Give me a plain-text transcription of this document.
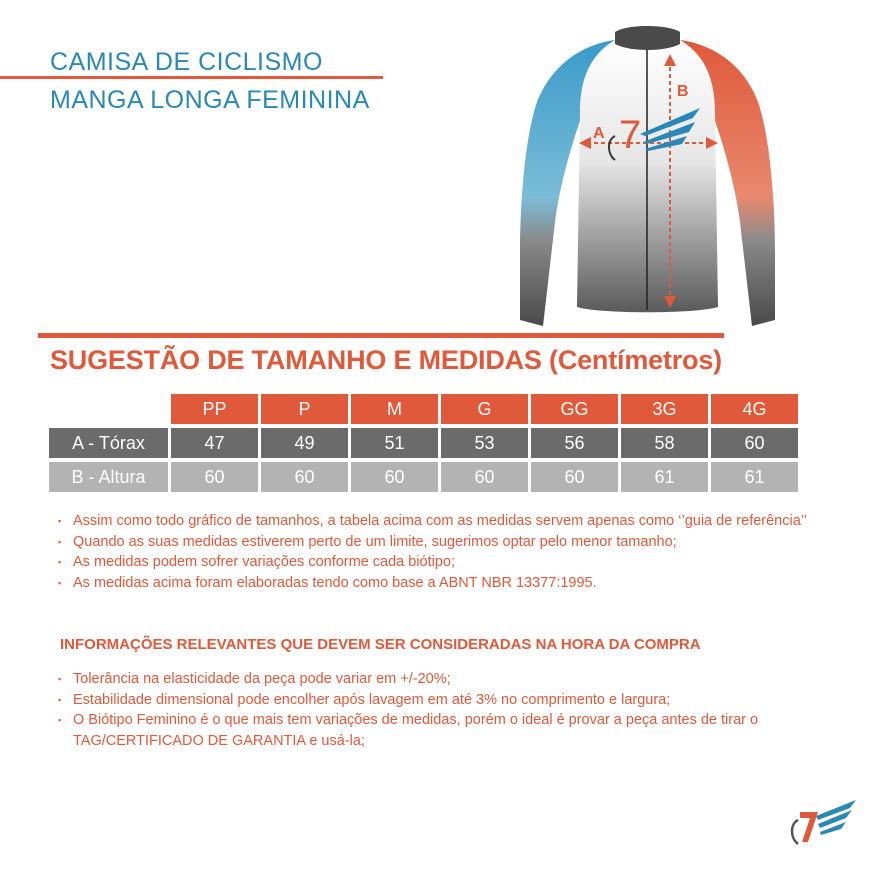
CAMISA DE CICLISMO
MANGA LONGA FEMININA	B
A 7
SUGESTÃO DE TAMANHO E MEDIDAS (Centímetros)
	PP	P	M	G	GG	3G	4G
A - Tórax	47	49	51	53	56	58	60
B - Altura	60	60	60	60	60	61	61
▪ Assim como todo gráfico de tamanhos, a tabela acima com as medidas servem apenas como ‘’guia de referência’’
▪ Quando as suas medidas estiverem perto de um limite, sugerimos optar pelo menor tamanho;
▪ As medidas podem sofrer variações conforme cada biótipo;
▪ As medidas acima foram elaboradas tendo como base a ABNT NBR 13377:1995.
INFORMAÇÕES RELEVANTES QUE DEVEM SER CONSIDERADAS NA HORA DA COMPRA
▪ Tolerância na elasticidade da peça pode variar em +/-20%;
▪ Estabilidade dimensional pode encolher após lavagem em até 3% no comprimento e largura;
▪ O Biótipo Feminino é o que mais tem variações de medidas, porém o ideal é provar a peça antes de tirar o TAG/CERTIFICADO DE GARANTIA e usá-la;
